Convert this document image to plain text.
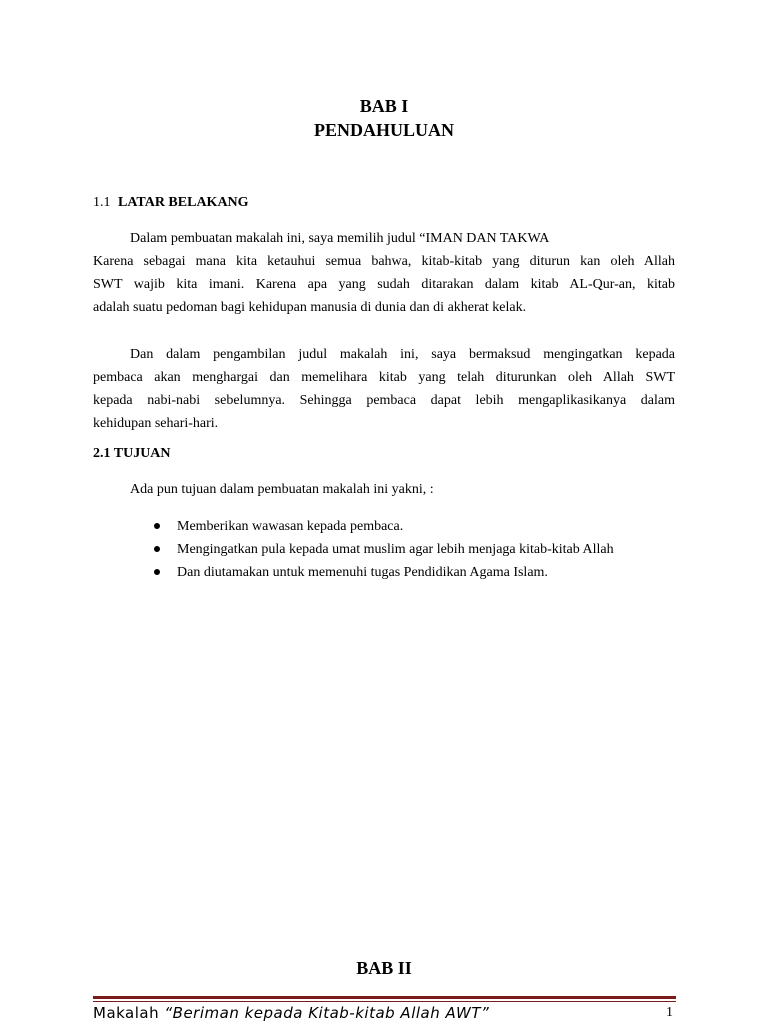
BAB I
PENDAHULUAN
1.1 LATAR BELAKANG
Dalam pembuatan makalah ini, saya memilih judul “IMAN DAN TAKWA
Karena sebagai mana kita ketauhui semua bahwa, kitab-kitab yang diturun kan oleh Allah
SWT wajib kita imani. Karena apa yang sudah ditarakan dalam kitab AL-Qur-an, kitab
adalah suatu pedoman bagi kehidupan manusia di dunia dan di akherat kelak.
Dan dalam pengambilan judul makalah ini, saya bermaksud mengingatkan kepada
pembaca akan menghargai dan memelihara kitab yang telah diturunkan oleh Allah SWT
kepada nabi-nabi sebelumnya. Sehingga pembaca dapat lebih mengaplikasikanya dalam
kehidupan sehari-hari.
2.1 TUJUAN

Ada pun tujuan dalam pembuatan makalah ini yakni, :

Memberikan wawasan kepada pembaca.
Mengingatkan pula kepada umat muslim agar lebih menjaga kitab-kitab Allah
Dan diutamakan untuk memenuhi tugas Pendidikan Agama Islam.
BAB II
Makalah “Beriman kepada Kitab-kitab Allah AWT”	1
